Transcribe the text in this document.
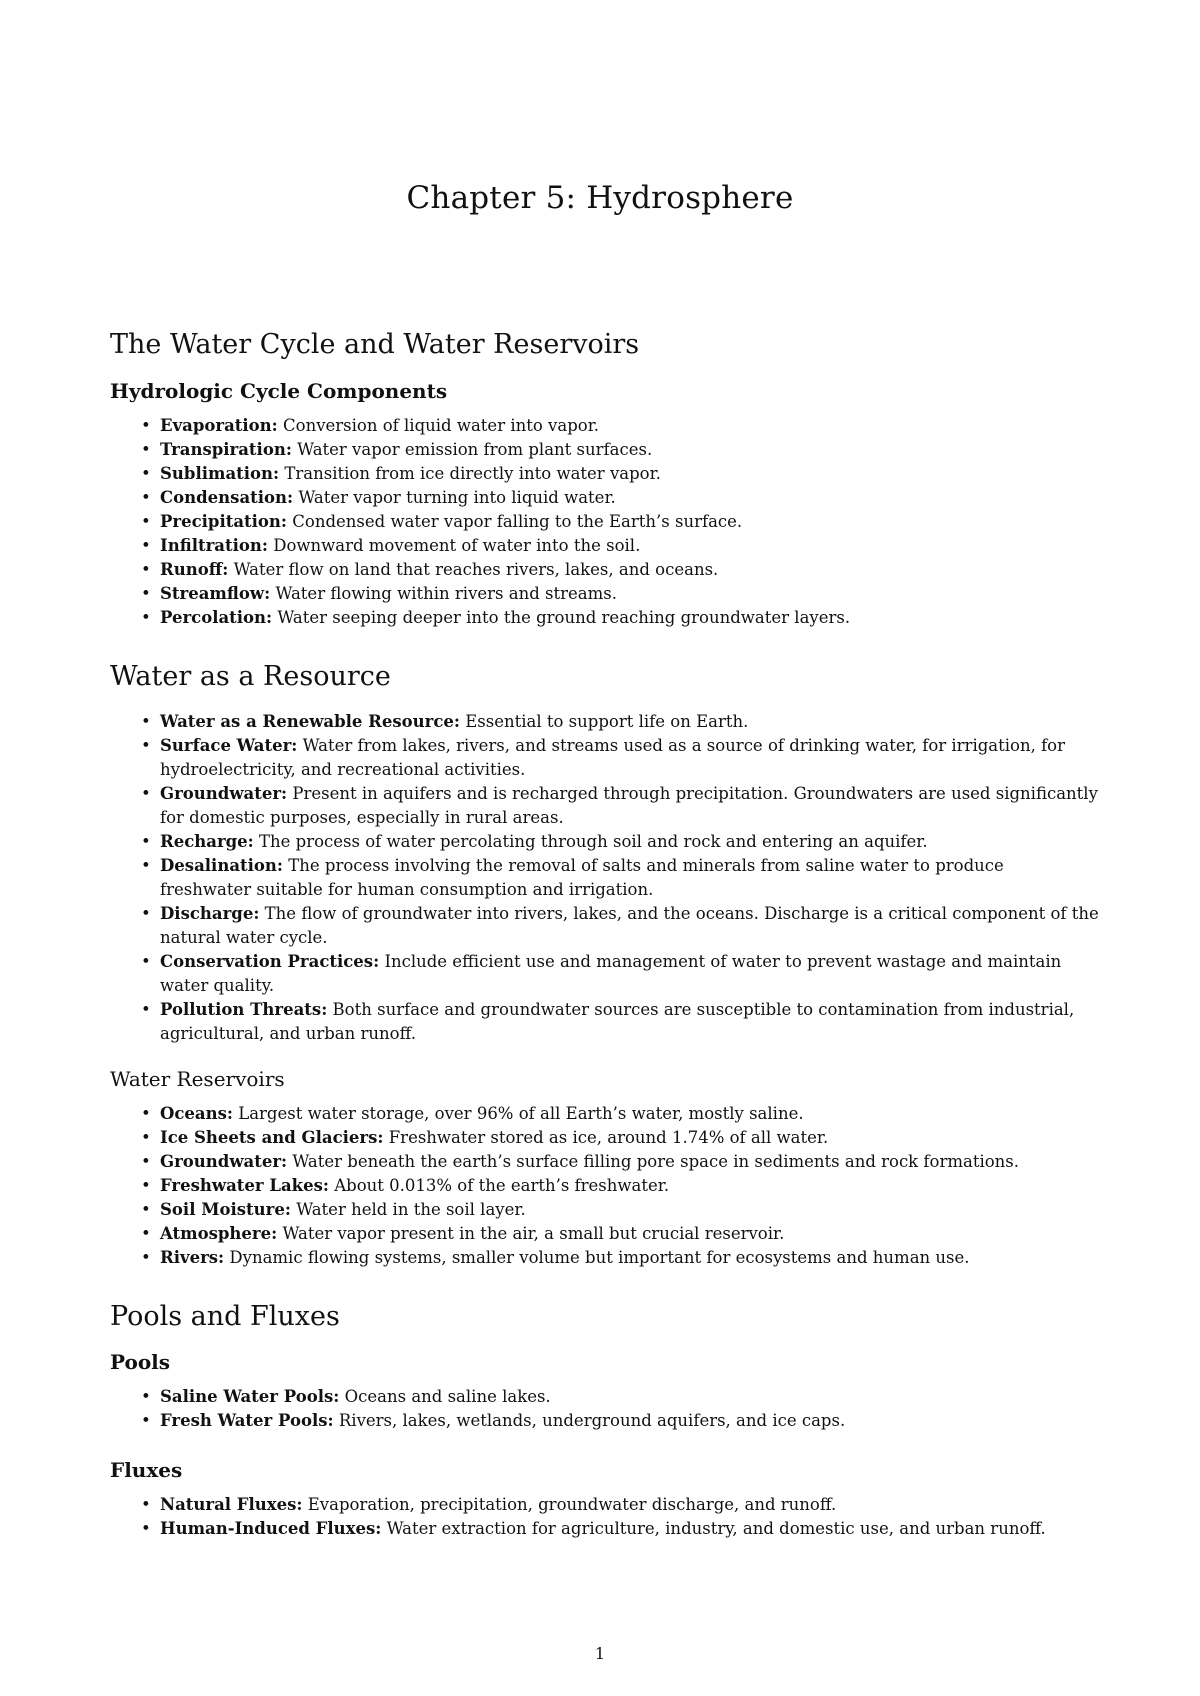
Chapter 5: Hydrosphere
The Water Cycle and Water Reservoirs
Hydrologic Cycle Components
• Evaporation: Conversion of liquid water into vapor.
• Transpiration: Water vapor emission from plant surfaces.
• Sublimation: Transition from ice directly into water vapor.
• Condensation: Water vapor turning into liquid water.
• Precipitation: Condensed water vapor falling to the Earth’s surface.
• Infiltration: Downward movement of water into the soil.
• Runoff: Water flow on land that reaches rivers, lakes, and oceans.
• Streamflow: Water flowing within rivers and streams.
• Percolation: Water seeping deeper into the ground reaching groundwater layers.
Water as a Resource
• Water as a Renewable Resource: Essential to support life on Earth.
• Surface Water: Water from lakes, rivers, and streams used as a source of drinking water, for irrigation, for hydroelectricity, and recreational activities.
• Groundwater: Present in aquifers and is recharged through precipitation. Groundwaters are used significantly for domestic purposes, especially in rural areas.
• Recharge: The process of water percolating through soil and rock and entering an aquifer.
• Desalination: The process involving the removal of salts and minerals from saline water to produce freshwater suitable for human consumption and irrigation.
• Discharge: The flow of groundwater into rivers, lakes, and the oceans. Discharge is a critical component of the natural water cycle.
• Conservation Practices: Include efficient use and management of water to prevent wastage and maintain water quality.
• Pollution Threats: Both surface and groundwater sources are susceptible to contamination from industrial, agricultural, and urban runoff.
Water Reservoirs
• Oceans: Largest water storage, over 96% of all Earth’s water, mostly saline.
• Ice Sheets and Glaciers: Freshwater stored as ice, around 1.74% of all water.
• Groundwater: Water beneath the earth’s surface filling pore space in sediments and rock formations.
• Freshwater Lakes: About 0.013% of the earth’s freshwater.
• Soil Moisture: Water held in the soil layer.
• Atmosphere: Water vapor present in the air, a small but crucial reservoir.
• Rivers: Dynamic flowing systems, smaller volume but important for ecosystems and human use.
Pools and Fluxes
Pools
• Saline Water Pools: Oceans and saline lakes.
• Fresh Water Pools: Rivers, lakes, wetlands, underground aquifers, and ice caps.
Fluxes
• Natural Fluxes: Evaporation, precipitation, groundwater discharge, and runoff.
• Human-Induced Fluxes: Water extraction for agriculture, industry, and domestic use, and urban runoff.
1
